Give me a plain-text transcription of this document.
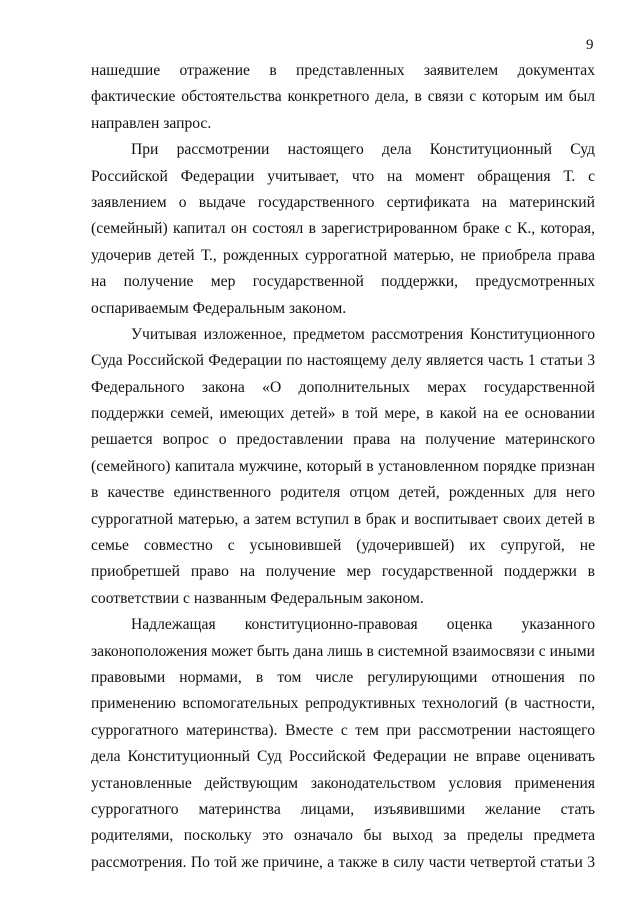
9
нашедшие отражение в представленных заявителем документах
фактические обстоятельства конкретного дела, в связи с которым им был
направлен запрос.
При рассмотрении настоящего дела Конституционный Суд
Российской Федерации учитывает, что на момент обращения Т. с
заявлением о выдаче государственного сертификата на материнский
(семейный) капитал он состоял в зарегистрированном браке с К., которая,
удочерив детей Т., рожденных суррогатной матерью, не приобрела права
на получение мер государственной поддержки, предусмотренных
оспариваемым Федеральным законом.
Учитывая изложенное, предметом рассмотрения Конституционного
Суда Российской Федерации по настоящему делу является часть 1 статьи 3
Федерального закона «О дополнительных мерах государственной
поддержки семей, имеющих детей» в той мере, в какой на ее основании
решается вопрос о предоставлении права на получение материнского
(семейного) капитала мужчине, который в установленном порядке признан
в качестве единственного родителя отцом детей, рожденных для него
суррогатной матерью, а затем вступил в брак и воспитывает своих детей в
семье совместно с усыновившей (удочерившей) их супругой, не
приобретшей право на получение мер государственной поддержки в
соответствии с названным Федеральным законом.
Надлежащая конституционно-правовая оценка указанного
законоположения может быть дана лишь в системной взаимосвязи с иными
правовыми нормами, в том числе регулирующими отношения по
применению вспомогательных репродуктивных технологий (в частности,
суррогатного материнства). Вместе с тем при рассмотрении настоящего
дела Конституционный Суд Российской Федерации не вправе оценивать
установленные действующим законодательством условия применения
суррогатного материнства лицами, изъявившими желание стать
родителями, поскольку это означало бы выход за пределы предмета
рассмотрения. По той же причине, а также в силу части четвертой статьи 3
